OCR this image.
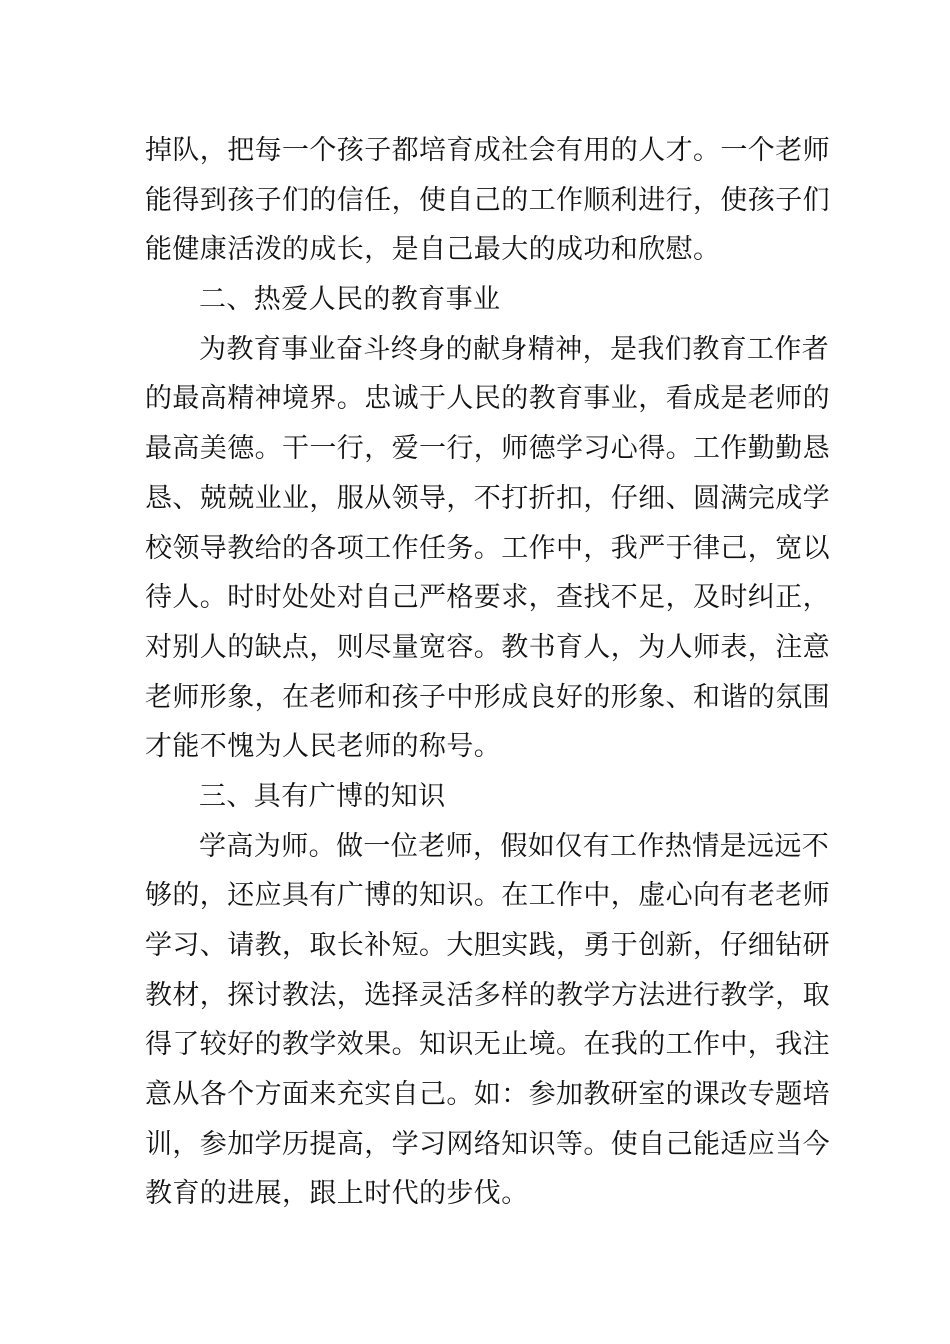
掉队，把每一个孩子都培育成社会有用的人才。一个老师
能得到孩子们的信任，使自己的工作顺利进行，使孩子们
能健康活泼的成长，是自己最大的成功和欣慰。
二、热爱人民的教育事业
为教育事业奋斗终身的献身精神，是我们教育工作者
的最高精神境界。忠诚于人民的教育事业，看成是老师的
最高美德。干一行，爱一行，师德学习心得。工作勤勤恳
恳、兢兢业业，服从领导，不打折扣，仔细、圆满完成学
校领导教给的各项工作任务。工作中，我严于律己，宽以
待人。时时处处对自己严格要求，查找不足，及时纠正，
对别人的缺点，则尽量宽容。教书育人，为人师表，注意
老师形象，在老师和孩子中形成良好的形象、和谐的氛围
才能不愧为人民老师的称号。
三、具有广博的知识
学高为师。做一位老师，假如仅有工作热情是远远不
够的，还应具有广博的知识。在工作中，虚心向有老老师
学习、请教，取长补短。大胆实践，勇于创新，仔细钻研
教材，探讨教法，选择灵活多样的教学方法进行教学，取
得了较好的教学效果。知识无止境。在我的工作中，我注
意从各个方面来充实自己。如：参加教研室的课改专题培
训，参加学历提高，学习网络知识等。使自己能适应当今
教育的进展，跟上时代的步伐。
